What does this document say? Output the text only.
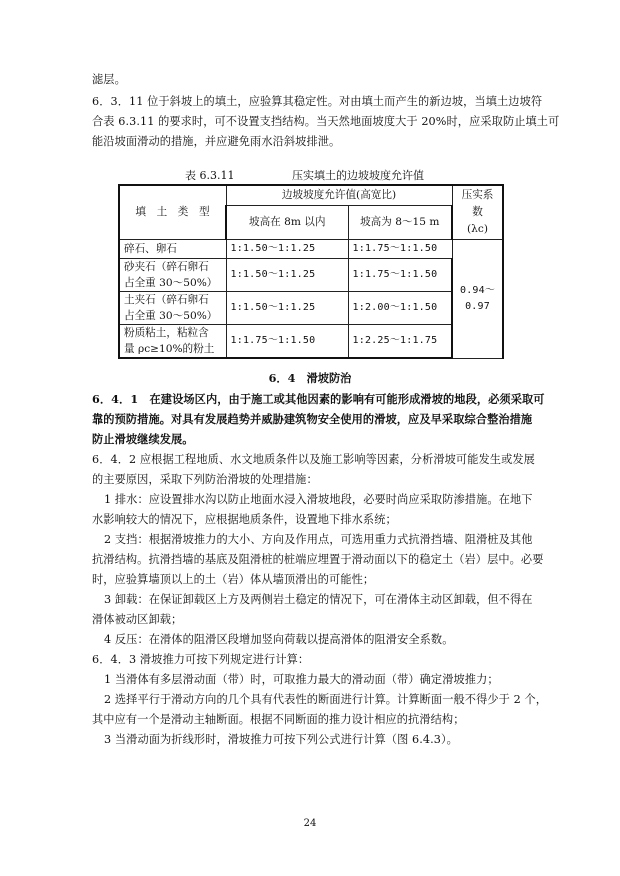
滤层。
6．3．11 位于斜坡上的填土，应验算其稳定性。对由填土而产生的新边坡，当填土边坡符
合表 6.3.11 的要求时，可不设置支挡结构。当天然地面坡度大于 20%时，应采取防止填土可
能沿坡面滑动的措施，并应避免雨水沿斜坡排泄。
表 6.3.11	压实填土的边坡坡度允许值
填　土　类　型	边坡坡度允许值(高宽比)		压实系数
(λc)

	坡高在 8m 以内	坡高为 8～15 m	
碎石、卵石	1:1.50～1:1.25	1:1.75～1:1.50	0.94～
0.97

砂夹石（碎石卵石
占全重 30～50%）	1:1.50～1:1.25	1:1.75～1:1.50	

土夹石（碎石卵石
占全重 30～50%）	1:1.50～1:1.25	1:2.00～1:1.50	

粉质粘土，粘粒含
量 ρc≥10%的粉土	1:1.75～1:1.50	1:2.25～1:1.75	
6．4　滑坡防治
6．4．1　在建设场区内，由于施工或其他因素的影响有可能形成滑坡的地段，必须采取可
靠的预防措施。对具有发展趋势并威胁建筑物安全使用的滑坡，应及早采取综合整治措施
防止滑坡继续发展。
6．4．2 应根据工程地质、水文地质条件以及施工影响等因素，分析滑坡可能发生或发展
的主要原因，采取下列防治滑坡的处理措施：
1 排水：应设置排水沟以防止地面水浸入滑坡地段，必要时尚应采取防渗措施。在地下
水影响较大的情况下，应根据地质条件，设置地下排水系统；
2 支挡：根据滑坡推力的大小、方向及作用点，可选用重力式抗滑挡墙、阻滑桩及其他
抗滑结构。抗滑挡墙的基底及阻滑桩的桩端应埋置于滑动面以下的稳定土（岩）层中。必要
时，应验算墙顶以上的土（岩）体从墙顶滑出的可能性；
3 卸载：在保证卸载区上方及两侧岩土稳定的情况下，可在滑体主动区卸载，但不得在
滑体被动区卸载；
4 反压：在滑体的阻滑区段增加竖向荷载以提高滑体的阻滑安全系数。
6．4．3 滑坡推力可按下列规定进行计算：
1 当滑体有多层滑动面（带）时，可取推力最大的滑动面（带）确定滑坡推力；
2 选择平行于滑动方向的几个具有代表性的断面进行计算。计算断面一般不得少于 2 个，
其中应有一个是滑动主轴断面。根据不同断面的推力设计相应的抗滑结构；
3 当滑动面为折线形时，滑坡推力可按下列公式进行计算（图 6.4.3）。
24
